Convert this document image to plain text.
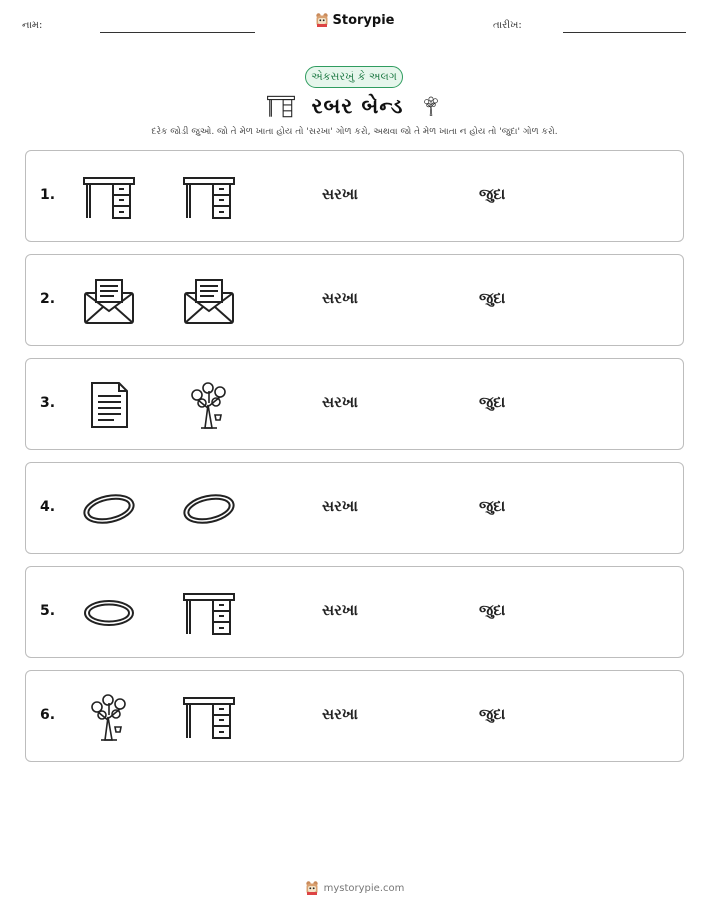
નામ:	Storypie	તારીખ:
એકસરખું કે અલગ
રબર બેન્ડ
દરેક જોડી જુઓ. જો તે મેળ ખાતા હોય તો 'સરખા' ગોળ કરો, અથવા જો તે મેળ ખાતા ન હોય તો 'જુદા' ગોળ કરો.
1.	સરખા	જુદા
2.	સરખા	જુદા
3.	સરખા	જુદા
4.	સરખા	જુદા
5.	સરખા	જુદા
6.	સરખા	જુદા
mystorypie.com
